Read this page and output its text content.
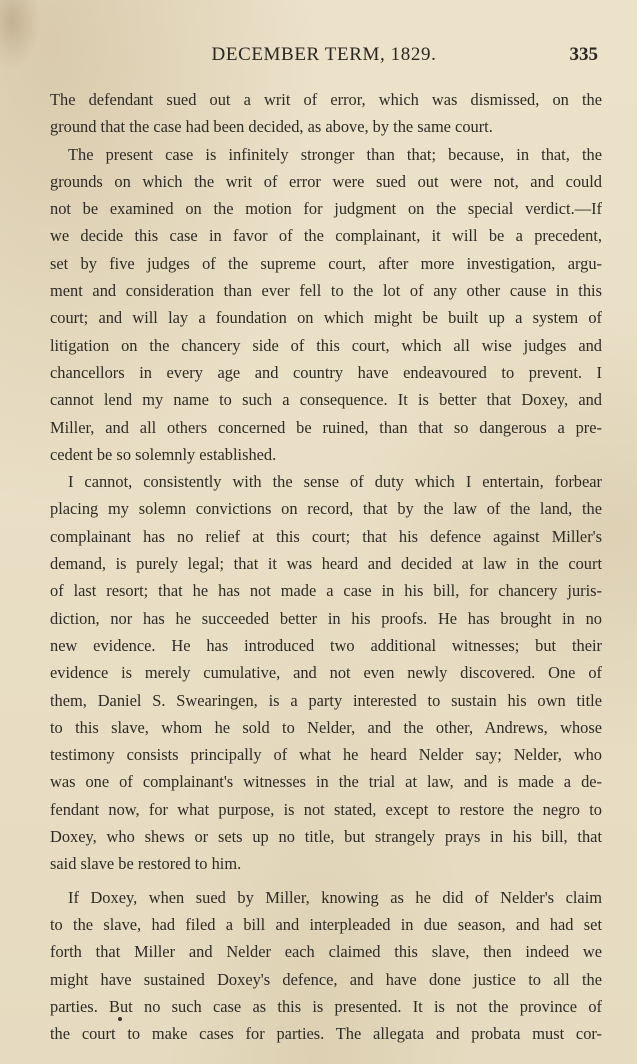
DECEMBER TERM, 1829.	335
The defendant sued out a writ of error, which was dismissed, on the
ground that the case had been decided, as above, by the same court.
The present case is infinitely stronger than that; because, in that, the
grounds on which the writ of error were sued out were not, and could
not be examined on the motion for judgment on the special verdict.—If
we decide this case in favor of the complainant, it will be a precedent,
set by five judges of the supreme court, after more investigation, argu-
ment and consideration than ever fell to the lot of any other cause in this
court; and will lay a foundation on which might be built up a system of
litigation on the chancery side of this court, which all wise judges and
chancellors in every age and country have endeavoured to prevent. I
cannot lend my name to such a consequence. It is better that Doxey, and
Miller, and all others concerned be ruined, than that so dangerous a pre-
cedent be so solemnly established.
I cannot, consistently with the sense of duty which I entertain, forbear
placing my solemn convictions on record, that by the law of the land, the
complainant has no relief at this court; that his defence against Miller's
demand, is purely legal; that it was heard and decided at law in the court
of last resort; that he has not made a case in his bill, for chancery juris-
diction, nor has he succeeded better in his proofs. He has brought in no
new evidence. He has introduced two additional witnesses; but their
evidence is merely cumulative, and not even newly discovered. One of
them, Daniel S. Swearingen, is a party interested to sustain his own title
to this slave, whom he sold to Nelder, and the other, Andrews, whose
testimony consists principally of what he heard Nelder say; Nelder, who
was one of complainant's witnesses in the trial at law, and is made a de-
fendant now, for what purpose, is not stated, except to restore the negro to
Doxey, who shews or sets up no title, but strangely prays in his bill, that
said slave be restored to him.
If Doxey, when sued by Miller, knowing as he did of Nelder's claim
to the slave, had filed a bill and interpleaded in due season, and had set
forth that Miller and Nelder each claimed this slave, then indeed we
might have sustained Doxey's defence, and have done justice to all the
parties. But no such case as this is presented. It is not the province of
the court to make cases for parties. The allegata and probata must cor-
